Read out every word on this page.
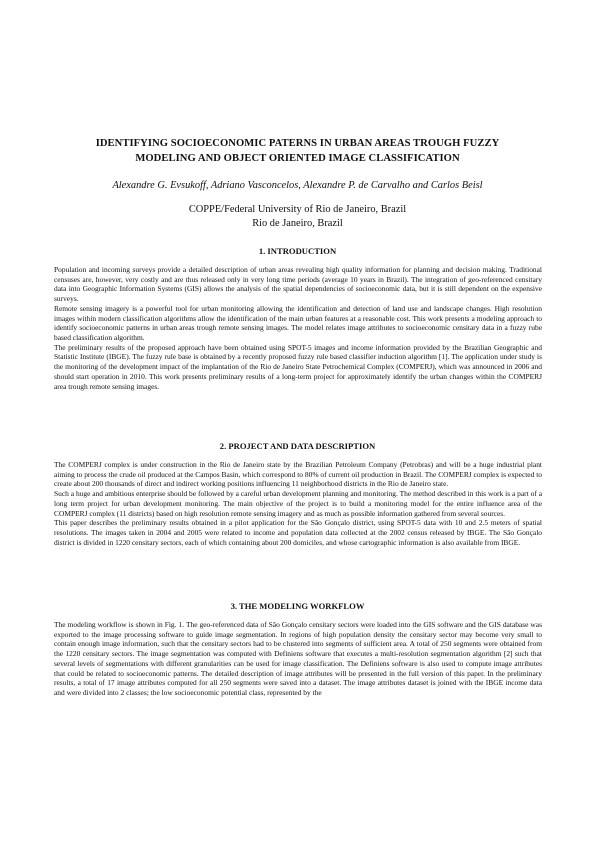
IDENTIFYING SOCIOECONOMIC PATERNS IN URBAN AREAS TROUGH FUZZY
MODELING AND OBJECT ORIENTED IMAGE CLASSIFICATION
Alexandre G. Evsukoff, Adriano Vasconcelos, Alexandre P. de Carvalho and Carlos Beisl
COPPE/Federal University of Rio de Janeiro, Brazil
Rio de Janeiro, Brazil
1. INTRODUCTION

Population and incoming surveys provide a detailed description of urban areas revealing high quality information for planning and decision making. Traditional censuses are, however, very costly and are thus released only in very long time periods (average 10 years in Brazil). The integration of geo-referenced censitary data into Geographic Information Systems (GIS) allows the analysis of the spatial dependencies of socioeconomic data, but it is still dependent on the expensive surveys.

Remote sensing imagery is a powerful tool for urban monitoring allowing the identification and detection of land use and landscape changes. High resolution images within modern classification algorithms allow the identification of the main urban features at a reasonable cost. This work presents a modeling approach to identify socioeconomic patterns in urban areas trough remote sensing images. The model relates image attributes to socioeconomic censitary data in a fuzzy rube based classification algorithm.

The preliminary results of the proposed approach have been obtained using SPOT-5 images and income information provided by the Brazilian Geographic and Statistic Institute (IBGE). The fuzzy rule base is obtained by a recently proposed fuzzy rule based classifier induction algorithm [1]. The application under study is the monitoring of the development impact of the implantation of the Rio de Janeiro State Petrochemical Complex (COMPERJ), which was announced in 2006 and should start operation in 2010. This work presents preliminary results of a long-term project for approximately identify the urban changes within the COMPERJ area trough remote sensing images.

2. PROJECT AND DATA DESCRIPTION

The COMPERJ complex is under construction in the Rio de Janeiro state by the Brazilian Petroleum Company (Petrobras) and will be a huge industrial plant aiming to process the crude oil produced at the Campos Basin, which correspond to 80% of current oil production in Brazil. The COMPERJ complex is expected to create about 200 thousands of direct and indirect working positions influencing 11 neighborhood districts in the Rio de Janeiro state.

Such a huge and ambitious enterprise should be followed by a careful urban development planning and monitoring. The method described in this work is a part of a long term project for urban development monitoring. The main objective of the project is to build a monitoring model for the entire influence area of the COMPERJ complex (11 districts) based on high resolution remote sensing imagery and as much as possible information gathered from several sources.

This paper describes the preliminary results obtained in a pilot application for the São Gonçalo district, using SPOT-5 data with 10 and 2.5 meters of spatial resolutions. The images taken in 2004 and 2005 were related to income and population data collected at the 2002 census released by IBGE. The São Gonçalo district is divided in 1220 censitary sectors, each of which containing about 200 domiciles, and whose cartographic information is also available from IBGE.

3. THE MODELING WORKFLOW

The modeling workflow is shown in Fig. 1. The geo-referenced data of São Gonçalo censitary sectors were loaded into the GIS software and the GIS database was exported to the image processing software to guide image segmentation. In regions of high population density the censitary sector may become very small to contain enough image information, such that the censitary sectors had to be clustered into segments of sufficient area. A total of 250 segments were obtained from the 1220 censitary sectors. The image segmentation was computed with Definiens software that executes a multi-resolution segmentation algorithm [2] such that several levels of segmentations with different granularities can be used for image classification. The Definiens software is also used to compute image attributes that could be related to socioeconomic patterns. The detailed description of image attributes will be presented in the full version of this paper. In the preliminary results, a total of 17 image attributes computed for all 250 segments were saved into a dataset. The image attributes dataset is joined with the IBGE income data and were divided into 2 classes; the low socioeconomic potential class, represented by the
